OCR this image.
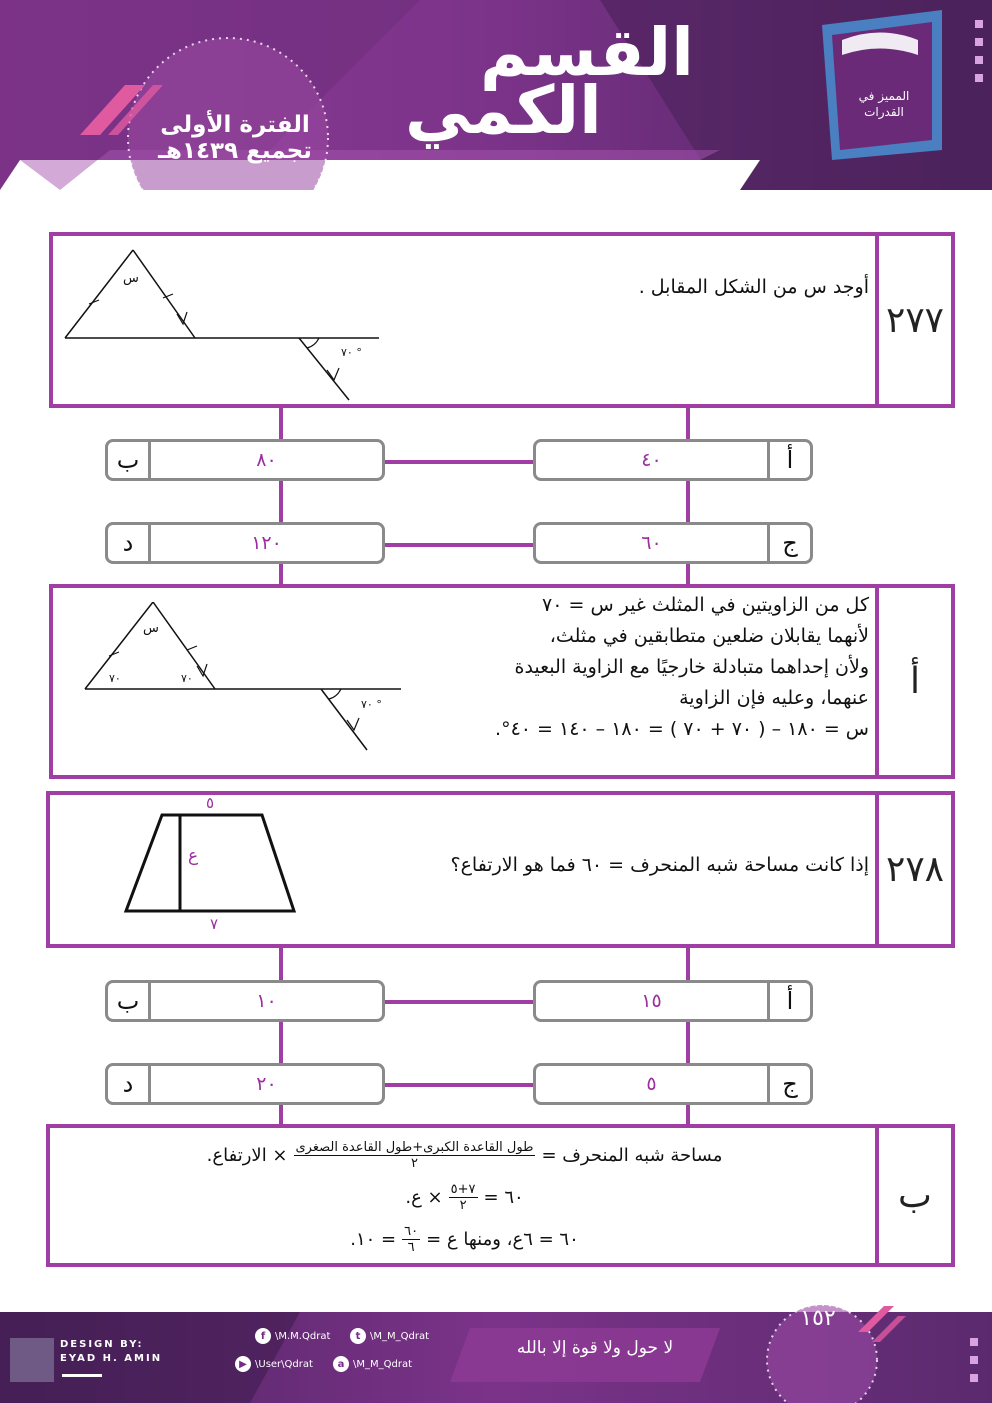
القسم
الكمي
الفترة الأولى
تجميع ١٤٣٩هـ
المميز في القدرات
٢٧٧
أوجد س من الشكل المقابل .
س
٧٠ °
أ
٤٠
ب	٨٠
ج
٦٠
د	١٢٠
أ
كل من الزاويتين في المثلث غير س = ٧٠
لأنهما يقابلان ضلعين متطابقين في مثلث،
ولأن إحداهما متبادلة خارجيًا مع الزاوية البعيدة
عنهما، وعليه فإن الزاوية
س = ١٨٠ – ( ٧٠ + ٧٠ ) = ١٨٠ – ١٤٠ = ٤٠°.
س
٧٠	٧٠
٧٠ °
٢٧٨
إذا كانت مساحة شبه المنحرف = ٦٠ فما هو الارتفاع؟
٥
ع
٧
أ
١٥
ب	١٠
ج
٥
د	٢٠
ب
مساحة شبه المنحرف =
$\frac{\text{طول القاعدة الكبرى+طول القاعدة الصغرى}}{٢}$
× الارتفاع.
٦٠ =
$\frac{٧+٥}{٢}$
× ع.
٦٠ = ٦ع، ومنها ع =
$\frac{٦٠}{٦}$
= ١٠.
١٥٢
DESIGN BY:
EYAD H. AMIN
f \M.M.Qdrat	t \M_M_Qdrat
▶ \User\Qdrat	a \M_M_Qdrat
لا حول ولا قوة إلا بالله
